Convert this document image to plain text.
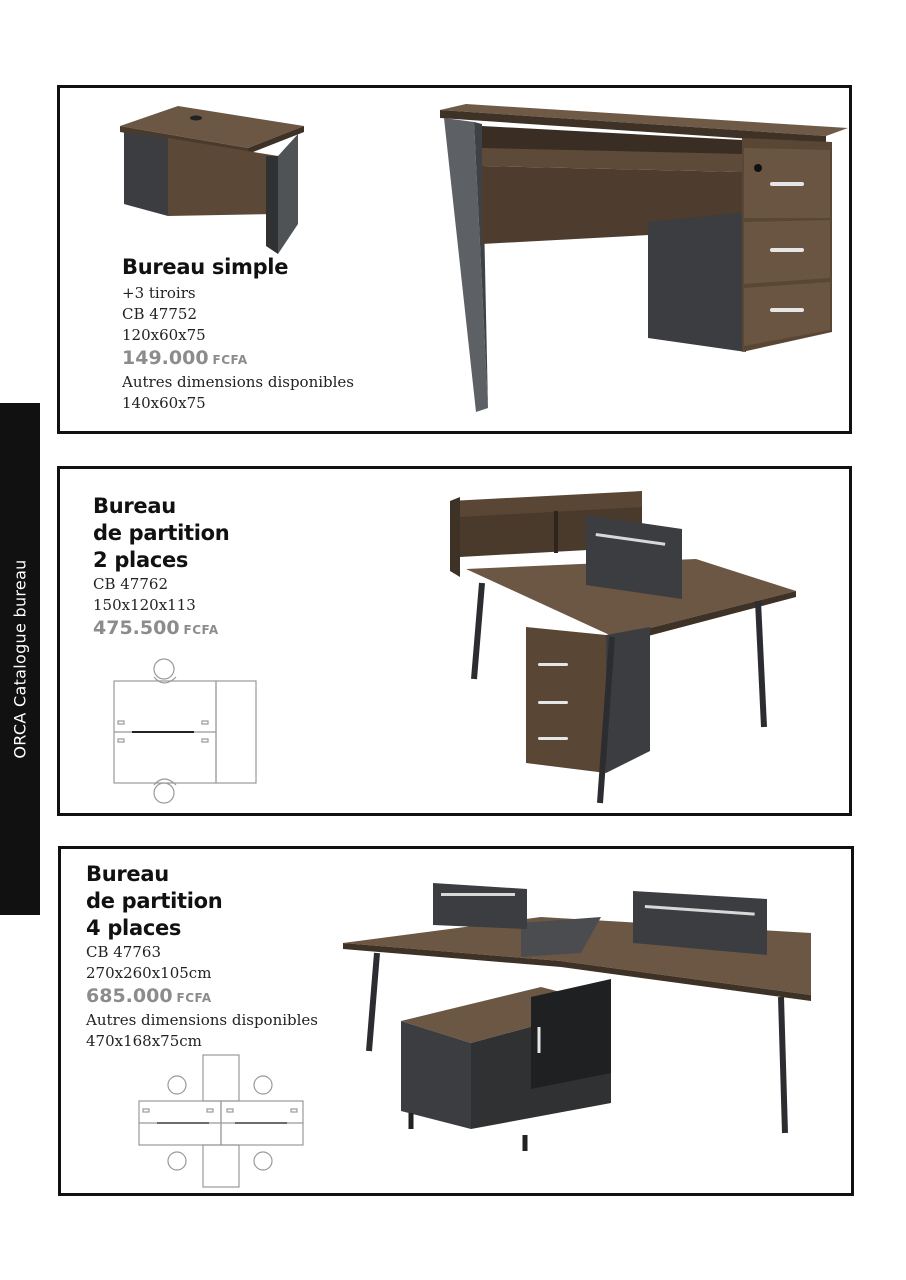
ORCA Catalogue bureau
Bureau simple
+3 tiroirs
CB 47752
120x60x75
149.000 FCFA
Autres dimensions disponibles
140x60x75
Bureau
de partition
2 places
CB 47762
150x120x113
475.500 FCFA
Bureau
de partition
4 places
CB 47763
270x260x105cm
685.000 FCFA
Autres dimensions disponibles
470x168x75cm
